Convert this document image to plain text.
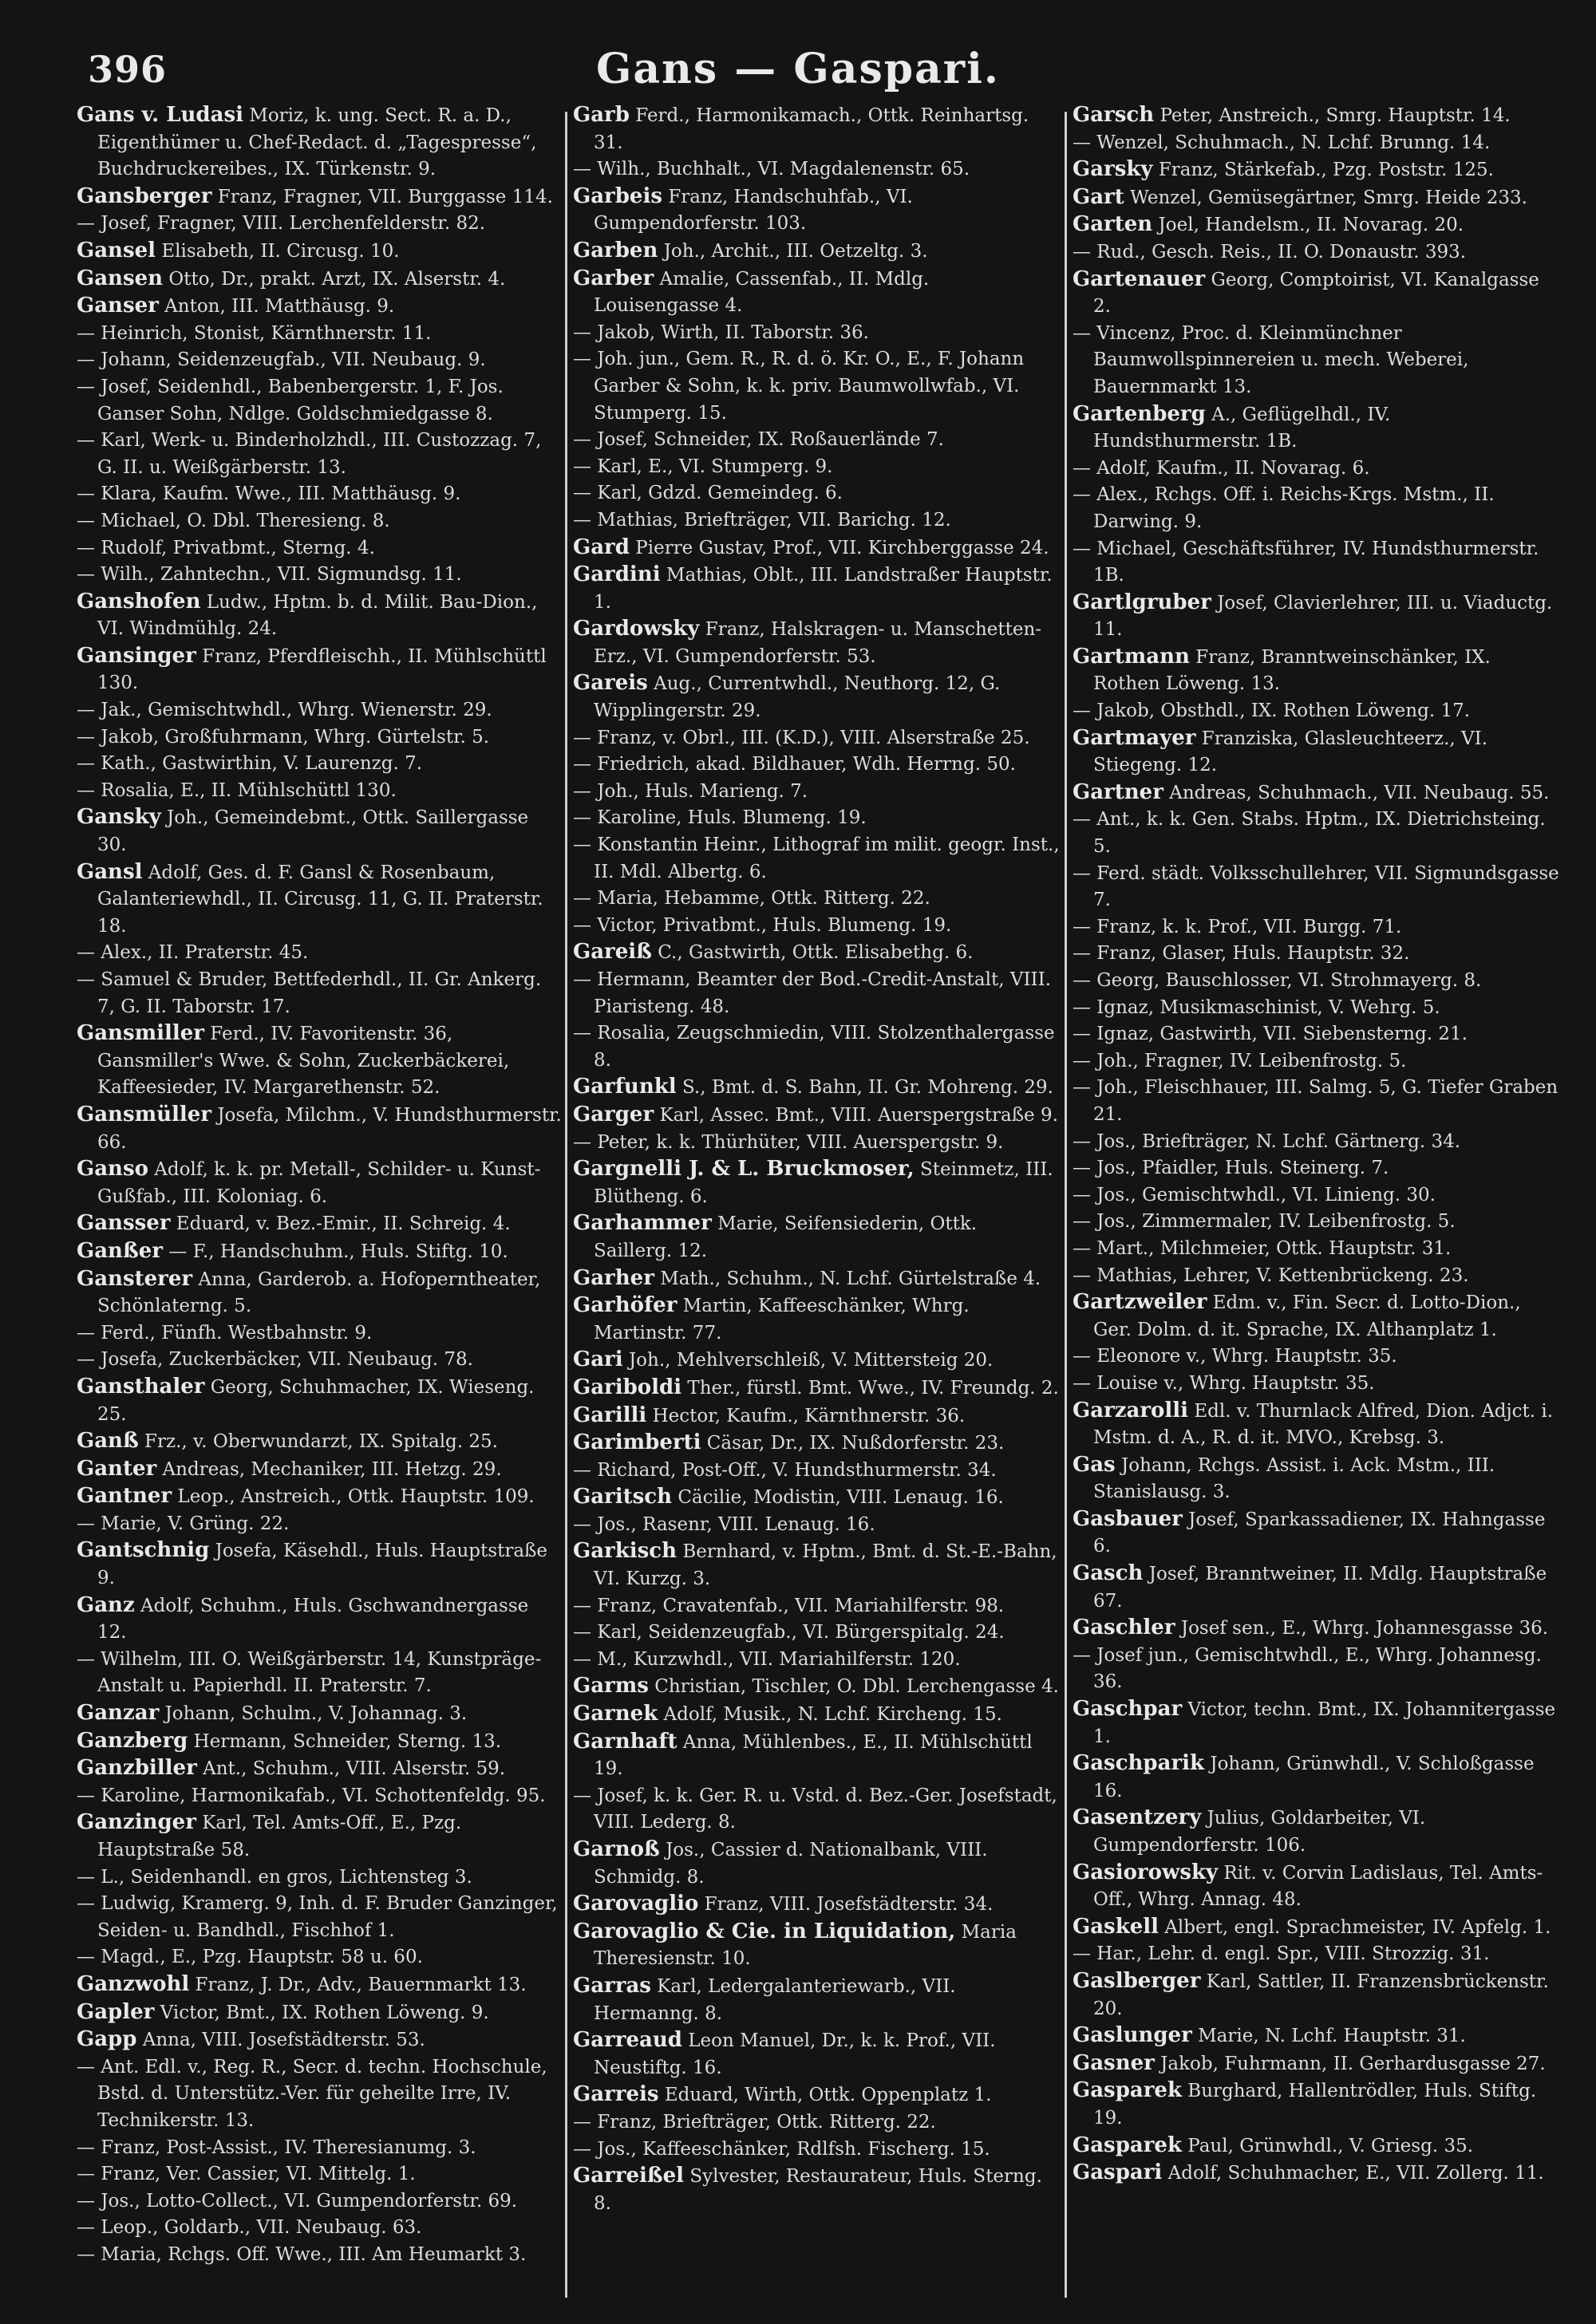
396	Gans — Gaspari.

Gans v. Ludasi Moriz, k. ung. Sect. R. a. D., Eigenthümer u. Chef-Redact. d. „Tagespresse“, Buchdruckereibes., IX. Türkenstr. 9.

Gansberger Franz, Fragner, VII. Burggasse 114.

— Josef, Fragner, VIII. Lerchenfelderstr. 82.

Gansel Elisabeth, II. Circusg. 10.

Gansen Otto, Dr., prakt. Arzt, IX. Alserstr. 4.

Ganser Anton, III. Matthäusg. 9.

— Heinrich, Stonist, Kärnthnerstr. 11.

— Johann, Seidenzeugfab., VII. Neubaug. 9.

— Josef, Seidenhdl., Babenbergerstr. 1, F. Jos. Ganser Sohn, Ndlge. Goldschmiedgasse 8.

— Karl, Werk- u. Binderholzhdl., III. Custozzag. 7, G. II. u. Weißgärberstr. 13.

— Klara, Kaufm. Wwe., III. Matthäusg. 9.

— Michael, O. Dbl. Theresieng. 8.

— Rudolf, Privatbmt., Sterng. 4.

— Wilh., Zahntechn., VII. Sigmundsg. 11.

Ganshofen Ludw., Hptm. b. d. Milit. Bau-Dion., VI. Windmühlg. 24.

Gansinger Franz, Pferdfleischh., II. Mühlschüttl 130.

— Jak., Gemischtwhdl., Whrg. Wienerstr. 29.

— Jakob, Großfuhrmann, Whrg. Gürtelstr. 5.

— Kath., Gastwirthin, V. Laurenzg. 7.

— Rosalia, E., II. Mühlschüttl 130.

Gansky Joh., Gemeindebmt., Ottk. Saillergasse 30.

Gansl Adolf, Ges. d. F. Gansl & Rosenbaum, Galanteriewhdl., II. Circusg. 11, G. II. Praterstr. 18.

— Alex., II. Praterstr. 45.

— Samuel & Bruder, Bettfederhdl., II. Gr. Ankerg. 7, G. II. Taborstr. 17.

Gansmiller Ferd., IV. Favoritenstr. 36, Gansmiller's Wwe. & Sohn, Zuckerbäckerei, Kaffeesieder, IV. Margarethenstr. 52.

Gansmüller Josefa, Milchm., V. Hundsthurmerstr. 66.

Ganso Adolf, k. k. pr. Metall-, Schilder- u. Kunst-Gußfab., III. Koloniag. 6.

Gansser Eduard, v. Bez.-Emir., II. Schreig. 4.

Ganßer — F., Handschuhm., Huls. Stiftg. 10.

Gansterer Anna, Garderob. a. Hofoperntheater, Schönlaterng. 5.

— Ferd., Fünfh. Westbahnstr. 9.

— Josefa, Zuckerbäcker, VII. Neubaug. 78.

Gansthaler Georg, Schuhmacher, IX. Wieseng. 25.

Ganß Frz., v. Oberwundarzt, IX. Spitalg. 25.

Ganter Andreas, Mechaniker, III. Hetzg. 29.

Gantner Leop., Anstreich., Ottk. Hauptstr. 109.

— Marie, V. Grüng. 22.

Gantschnig Josefa, Käsehdl., Huls. Hauptstraße 9.

Ganz Adolf, Schuhm., Huls. Gschwandnergasse 12.

— Wilhelm, III. O. Weißgärberstr. 14, Kunstpräge-Anstalt u. Papierhdl. II. Praterstr. 7.

Ganzar Johann, Schulm., V. Johannag. 3.

Ganzberg Hermann, Schneider, Sterng. 13.

Ganzbiller Ant., Schuhm., VIII. Alserstr. 59.

— Karoline, Harmonikafab., VI. Schottenfeldg. 95.

Ganzinger Karl, Tel. Amts-Off., E., Pzg. Hauptstraße 58.

— L., Seidenhandl. en gros, Lichtensteg 3.

— Ludwig, Kramerg. 9, Inh. d. F. Bruder Ganzinger, Seiden- u. Bandhdl., Fischhof 1.

— Magd., E., Pzg. Hauptstr. 58 u. 60.

Ganzwohl Franz, J. Dr., Adv., Bauernmarkt 13.

Gapler Victor, Bmt., IX. Rothen Löweng. 9.

Gapp Anna, VIII. Josefstädterstr. 53.

— Ant. Edl. v., Reg. R., Secr. d. techn. Hochschule, Bstd. d. Unterstütz.-Ver. für geheilte Irre, IV. Technikerstr. 13.

— Franz, Post-Assist., IV. Theresianumg. 3.

— Franz, Ver. Cassier, VI. Mittelg. 1.

— Jos., Lotto-Collect., VI. Gumpendorferstr. 69.

— Leop., Goldarb., VII. Neubaug. 63.

— Maria, Rchgs. Off. Wwe., III. Am Heumarkt 3.

Garb Ferd., Harmonikamach., Ottk. Reinhartsg. 31.

— Wilh., Buchhalt., VI. Magdalenenstr. 65.

Garbeis Franz, Handschuhfab., VI. Gumpendorferstr. 103.

Garben Joh., Archit., III. Oetzeltg. 3.

Garber Amalie, Cassenfab., II. Mdlg. Louisengasse 4.

— Jakob, Wirth, II. Taborstr. 36.

— Joh. jun., Gem. R., R. d. ö. Kr. O., E., F. Johann Garber & Sohn, k. k. priv. Baumwollwfab., VI. Stumperg. 15.

— Josef, Schneider, IX. Roßauerlände 7.

— Karl, E., VI. Stumperg. 9.

— Karl, Gdzd. Gemeindeg. 6.

— Mathias, Briefträger, VII. Barichg. 12.

Gard Pierre Gustav, Prof., VII. Kirchberggasse 24.

Gardini Mathias, Oblt., III. Landstraßer Hauptstr. 1.

Gardowsky Franz, Halskragen- u. Manschetten-Erz., VI. Gumpendorferstr. 53.

Gareis Aug., Currentwhdl., Neuthorg. 12, G. Wipplingerstr. 29.

— Franz, v. Obrl., III. (K.D.), VIII. Alserstraße 25.

— Friedrich, akad. Bildhauer, Wdh. Herrng. 50.

— Joh., Huls. Marieng. 7.

— Karoline, Huls. Blumeng. 19.

— Konstantin Heinr., Lithograf im milit. geogr. Inst., II. Mdl. Albertg. 6.

— Maria, Hebamme, Ottk. Ritterg. 22.

— Victor, Privatbmt., Huls. Blumeng. 19.

Gareiß C., Gastwirth, Ottk. Elisabethg. 6.

— Hermann, Beamter der Bod.-Credit-Anstalt, VIII. Piaristeng. 48.

— Rosalia, Zeugschmiedin, VIII. Stolzenthalergasse 8.

Garfunkl S., Bmt. d. S. Bahn, II. Gr. Mohreng. 29.

Garger Karl, Assec. Bmt., VIII. Auerspergstraße 9.

— Peter, k. k. Thürhüter, VIII. Auerspergstr. 9.

Gargnelli J. & L. Bruckmoser, Steinmetz, III. Blütheng. 6.

Garhammer Marie, Seifensiederin, Ottk. Saillerg. 12.

Garher Math., Schuhm., N. Lchf. Gürtelstraße 4.

Garhöfer Martin, Kaffeeschänker, Whrg. Martinstr. 77.

Gari Joh., Mehlverschleiß, V. Mittersteig 20.

Gariboldi Ther., fürstl. Bmt. Wwe., IV. Freundg. 2.

Garilli Hector, Kaufm., Kärnthnerstr. 36.

Garimberti Cäsar, Dr., IX. Nußdorferstr. 23.

— Richard, Post-Off., V. Hundsthurmerstr. 34.

Garitsch Cäcilie, Modistin, VIII. Lenaug. 16.

— Jos., Rasenr, VIII. Lenaug. 16.

Garkisch Bernhard, v. Hptm., Bmt. d. St.-E.-Bahn, VI. Kurzg. 3.

— Franz, Cravatenfab., VII. Mariahilferstr. 98.

— Karl, Seidenzeugfab., VI. Bürgerspitalg. 24.

— M., Kurzwhdl., VII. Mariahilferstr. 120.

Garms Christian, Tischler, O. Dbl. Lerchengasse 4.

Garnek Adolf, Musik., N. Lchf. Kircheng. 15.

Garnhaft Anna, Mühlenbes., E., II. Mühlschüttl 19.

— Josef, k. k. Ger. R. u. Vstd. d. Bez.-Ger. Josefstadt, VIII. Lederg. 8.

Garnoß Jos., Cassier d. Nationalbank, VIII. Schmidg. 8.

Garovaglio Franz, VIII. Josefstädterstr. 34.

Garovaglio & Cie. in Liquidation, Maria Theresienstr. 10.

Garras Karl, Ledergalanteriewarb., VII. Hermanng. 8.

Garreaud Leon Manuel, Dr., k. k. Prof., VII. Neustiftg. 16.

Garreis Eduard, Wirth, Ottk. Oppenplatz 1.

— Franz, Briefträger, Ottk. Ritterg. 22.

— Jos., Kaffeeschänker, Rdlfsh. Fischerg. 15.

Garreißel Sylvester, Restaurateur, Huls. Sterng. 8.

Garsch Peter, Anstreich., Smrg. Hauptstr. 14.

— Wenzel, Schuhmach., N. Lchf. Brunng. 14.

Garsky Franz, Stärkefab., Pzg. Poststr. 125.

Gart Wenzel, Gemüsegärtner, Smrg. Heide 233.

Garten Joel, Handelsm., II. Novarag. 20.

— Rud., Gesch. Reis., II. O. Donaustr. 393.

Gartenauer Georg, Comptoirist, VI. Kanalgasse 2.

— Vincenz, Proc. d. Kleinmünchner Baumwollspinnereien u. mech. Weberei, Bauernmarkt 13.

Gartenberg A., Geflügelhdl., IV. Hundsthurmerstr. 1B.

— Adolf, Kaufm., II. Novarag. 6.

— Alex., Rchgs. Off. i. Reichs-Krgs. Mstm., II. Darwing. 9.

— Michael, Geschäftsführer, IV. Hundsthurmerstr. 1B.

Gartlgruber Josef, Clavierlehrer, III. u. Viaductg. 11.

Gartmann Franz, Branntweinschänker, IX. Rothen Löweng. 13.

— Jakob, Obsthdl., IX. Rothen Löweng. 17.

Gartmayer Franziska, Glasleuchteerz., VI. Stiegeng. 12.

Gartner Andreas, Schuhmach., VII. Neubaug. 55.

— Ant., k. k. Gen. Stabs. Hptm., IX. Dietrichsteing. 5.

— Ferd. städt. Volksschullehrer, VII. Sigmundsgasse 7.

— Franz, k. k. Prof., VII. Burgg. 71.

— Franz, Glaser, Huls. Hauptstr. 32.

— Georg, Bauschlosser, VI. Strohmayerg. 8.

— Ignaz, Musikmaschinist, V. Wehrg. 5.

— Ignaz, Gastwirth, VII. Siebensterng. 21.

— Joh., Fragner, IV. Leibenfrostg. 5.

— Joh., Fleischhauer, III. Salmg. 5, G. Tiefer Graben 21.

— Jos., Briefträger, N. Lchf. Gärtnerg. 34.

— Jos., Pfaidler, Huls. Steinerg. 7.

— Jos., Gemischtwhdl., VI. Linieng. 30.

— Jos., Zimmermaler, IV. Leibenfrostg. 5.

— Mart., Milchmeier, Ottk. Hauptstr. 31.

— Mathias, Lehrer, V. Kettenbrückeng. 23.

Gartzweiler Edm. v., Fin. Secr. d. Lotto-Dion., Ger. Dolm. d. it. Sprache, IX. Althanplatz 1.

— Eleonore v., Whrg. Hauptstr. 35.

— Louise v., Whrg. Hauptstr. 35.

Garzarolli Edl. v. Thurnlack Alfred, Dion. Adjct. i. Mstm. d. A., R. d. it. MVO., Krebsg. 3.

Gas Johann, Rchgs. Assist. i. Ack. Mstm., III. Stanislausg. 3.

Gasbauer Josef, Sparkassadiener, IX. Hahngasse 6.

Gasch Josef, Branntweiner, II. Mdlg. Hauptstraße 67.

Gaschler Josef sen., E., Whrg. Johannesgasse 36.

— Josef jun., Gemischtwhdl., E., Whrg. Johannesg. 36.

Gaschpar Victor, techn. Bmt., IX. Johannitergasse 1.

Gaschparik Johann, Grünwhdl., V. Schloßgasse 16.

Gasentzery Julius, Goldarbeiter, VI. Gumpendorferstr. 106.

Gasiorowsky Rit. v. Corvin Ladislaus, Tel. Amts-Off., Whrg. Annag. 48.

Gaskell Albert, engl. Sprachmeister, IV. Apfelg. 1.

— Har., Lehr. d. engl. Spr., VIII. Strozzig. 31.

Gaslberger Karl, Sattler, II. Franzensbrückenstr. 20.

Gaslunger Marie, N. Lchf. Hauptstr. 31.

Gasner Jakob, Fuhrmann, II. Gerhardusgasse 27.

Gasparek Burghard, Hallentrödler, Huls. Stiftg. 19.

Gasparek Paul, Grünwhdl., V. Griesg. 35.

Gaspari Adolf, Schuhmacher, E., VII. Zollerg. 11.
